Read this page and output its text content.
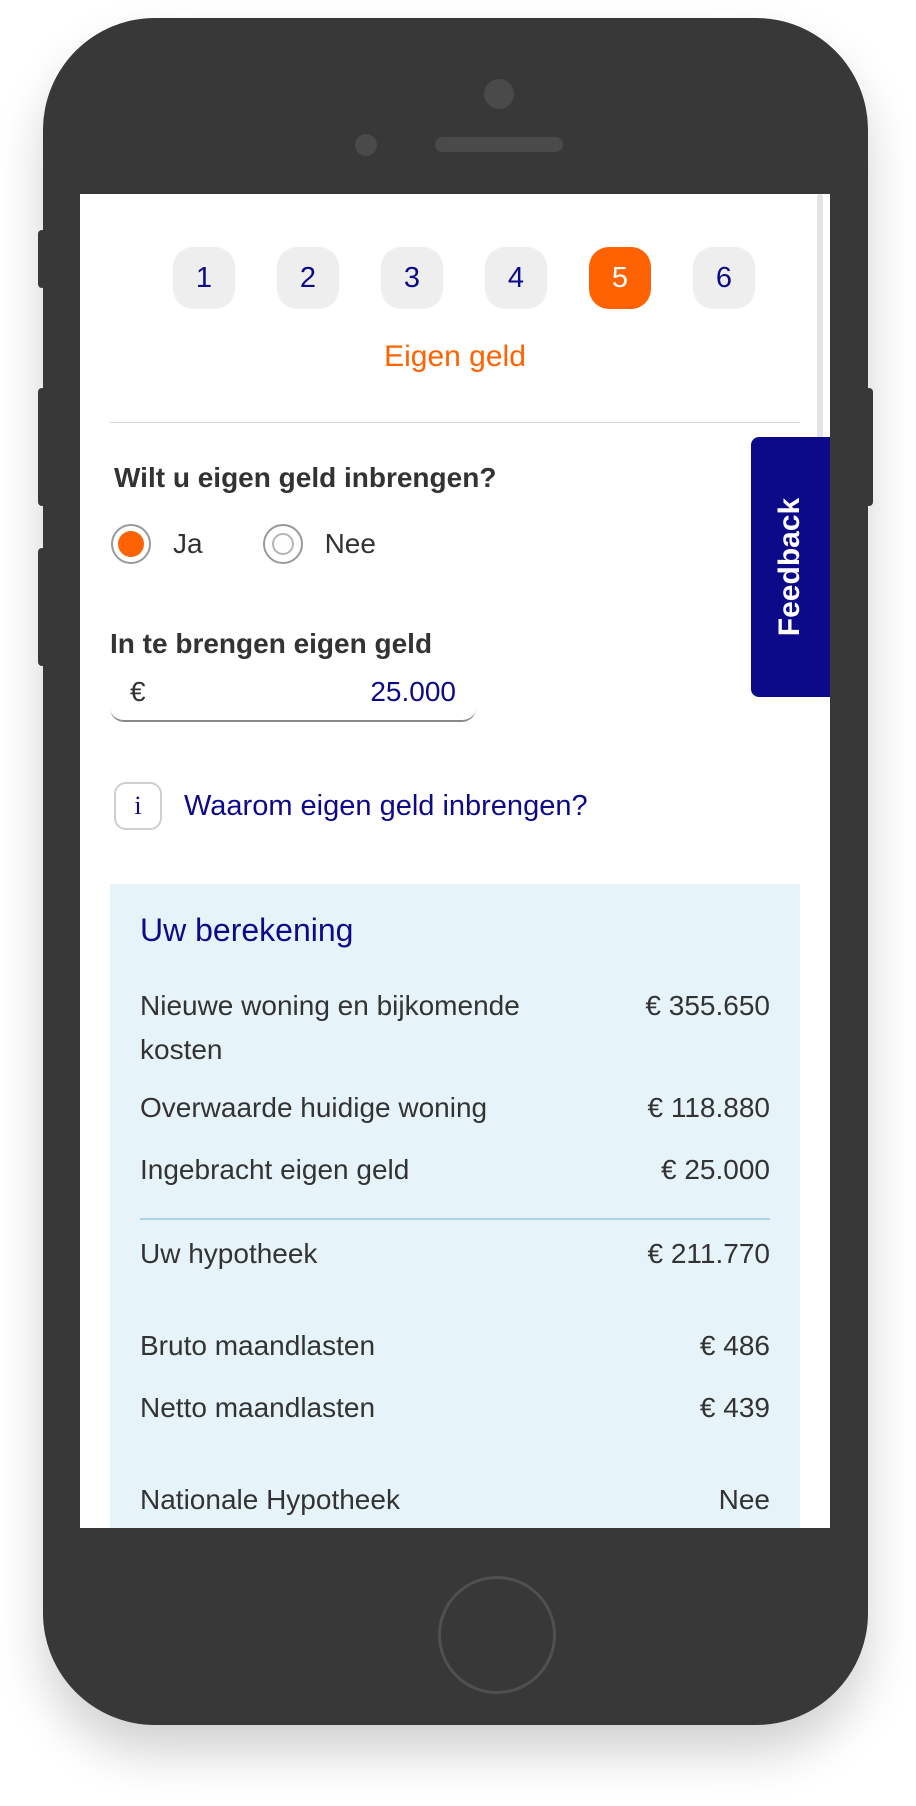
1	2	3	4	5	6
Eigen geld
Wilt u eigen geld inbrengen?
Ja	Nee
In te brengen eigen geld
€	25.000
i	Waarom eigen geld inbrengen?
Feedback
Uw berekening
Nieuwe woning en bijkomende kosten
€ 355.650
Overwaarde huidige woning	€ 118.880
Ingebracht eigen geld	€ 25.000
Uw hypotheek	€ 211.770
Bruto maandlasten	€ 486
Netto maandlasten	€ 439
Nationale Hypotheek	Nee
